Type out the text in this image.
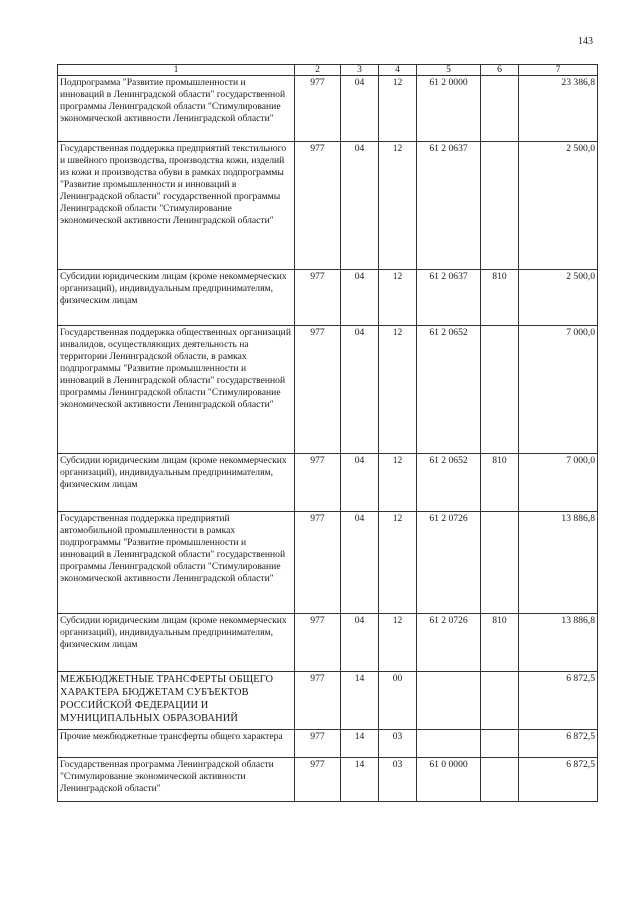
143
1	2	3	4	5	6	7
Подпрограмма "Развитие промышленности и инноваций в Ленинградской области" государственной программы Ленинградской области "Стимулирование экономической активности Ленинградской области"	977	04	12	61 2 0000		23 386,8
Государственная поддержка предприятий текстильного и швейного производства, производства кожи, изделий из кожи и производства обуви в рамках подпрограммы "Развитие промышленности и инноваций в Ленинградской области" государственной программы Ленинградской области "Стимулирование экономической активности Ленинградской области"	977	04	12	61 2 0637		2 500,0
Субсидии юридическим лицам (кроме некоммерческих организаций), индивидуальным предпринимателям, физическим лицам	977	04	12	61 2 0637	810	2 500,0
Государственная поддержка общественных организаций инвалидов, осуществляющих деятельность на территории Ленинградской области, в рамках подпрограммы "Развитие промышленности и инноваций в Ленинградской области" государственной программы Ленинградской области "Стимулирование экономической активности Ленинградской области"	977	04	12	61 2 0652		7 000,0
Субсидии юридическим лицам (кроме некоммерческих организаций), индивидуальным предпринимателям, физическим лицам	977	04	12	61 2 0652	810	7 000,0
Государственная поддержка предприятий автомобильной промышленности в рамках подпрограммы "Развитие промышленности и инноваций в Ленинградской области" государственной программы Ленинградской области "Стимулирование экономической активности Ленинградской области"	977	04	12	61 2 0726		13 886,8
Субсидии юридическим лицам (кроме некоммерческих организаций), индивидуальным предпринимателям, физическим лицам	977	04	12	61 2 0726	810	13 886,8
МЕЖБЮДЖЕТНЫЕ ТРАНСФЕРТЫ ОБЩЕГО ХАРАКТЕРА БЮДЖЕТАМ СУБЪЕКТОВ РОССИЙСКОЙ ФЕДЕРАЦИИ И МУНИЦИПАЛЬНЫХ ОБРАЗОВАНИЙ	977	14	00			6 872,5
Прочие межбюджетные трансферты общего характера	977	14	03			6 872,5
Государственная программа Ленинградской области "Стимулирование экономической активности Ленинградской области"	977	14	03	61 0 0000		6 872,5
